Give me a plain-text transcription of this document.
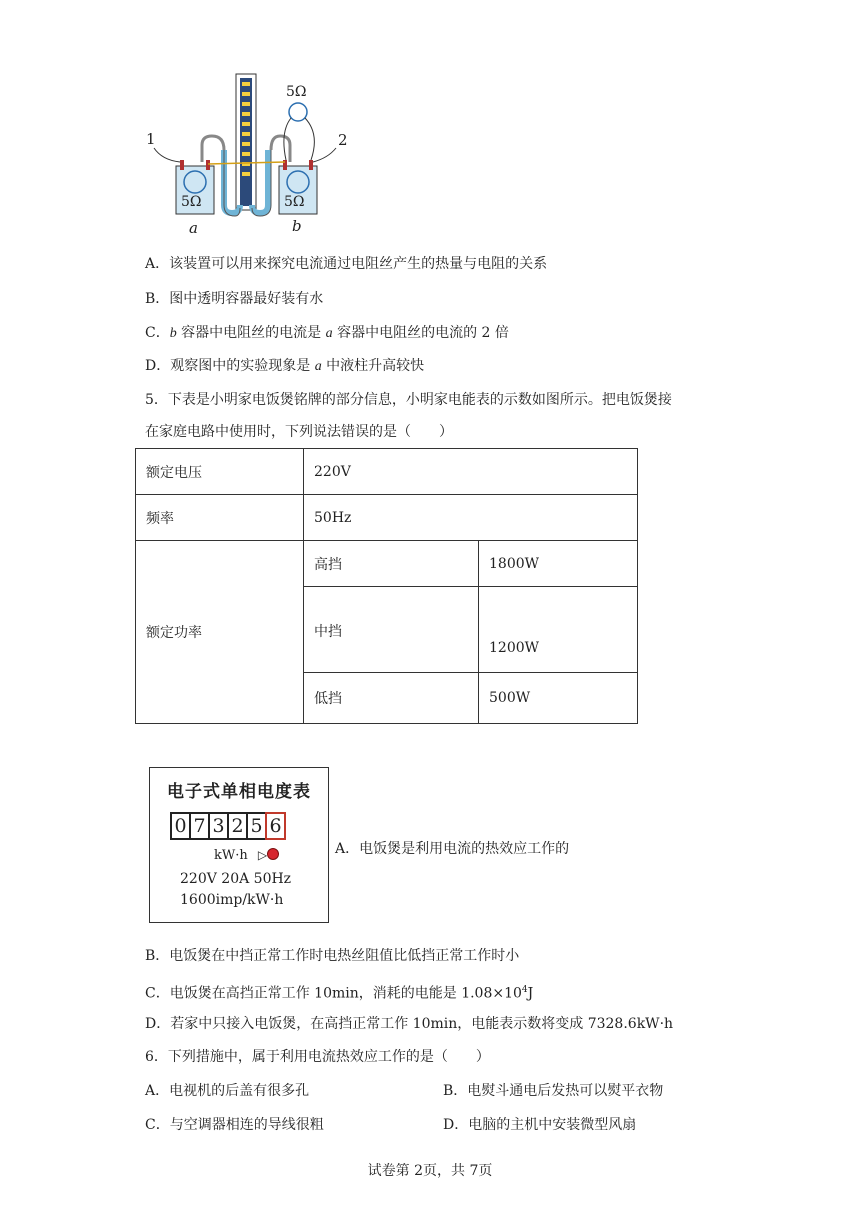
1	2
5Ω
5Ω	5Ω
a	b
A．该装置可以用来探究电流通过电阻丝产生的热量与电阻的关系
B．图中透明容器最好装有水
C．b 容器中电阻丝的电流是 a 容器中电阻丝的电流的 2 倍
D．观察图中的实验现象是 a 中液柱升高较快
5．下表是小明家电饭煲铭牌的部分信息，小明家电能表的示数如图所示。把电饭煲接
在家庭电路中使用时，下列说法错误的是（　　）
额定电压	220V	
频率	50Hz	
额定功率	高挡	1800W
	中挡	1200W
	低挡	500W
电子式单相电度表
0 7 3 2 5 6
kW·h ▷
220V 20A 50Hz
1600imp/kW·h
A．电饭煲是利用电流的热效应工作的
B．电饭煲在中挡正常工作时电热丝阻值比低挡正常工作时小
C．电饭煲在高挡正常工作 10min，消耗的电能是 $1.08\times 10^4J$
D．若家中只接入电饭煲，在高挡正常工作 10min，电能表示数将变成 7328.6kW·h
6．下列措施中，属于利用电流热效应工作的是（　　）
A．电视机的后盖有很多孔	B．电熨斗通电后发热可以熨平衣物
C．与空调器相连的导线很粗	D．电脑的主机中安装微型风扇
试卷第 2页，共 7页
